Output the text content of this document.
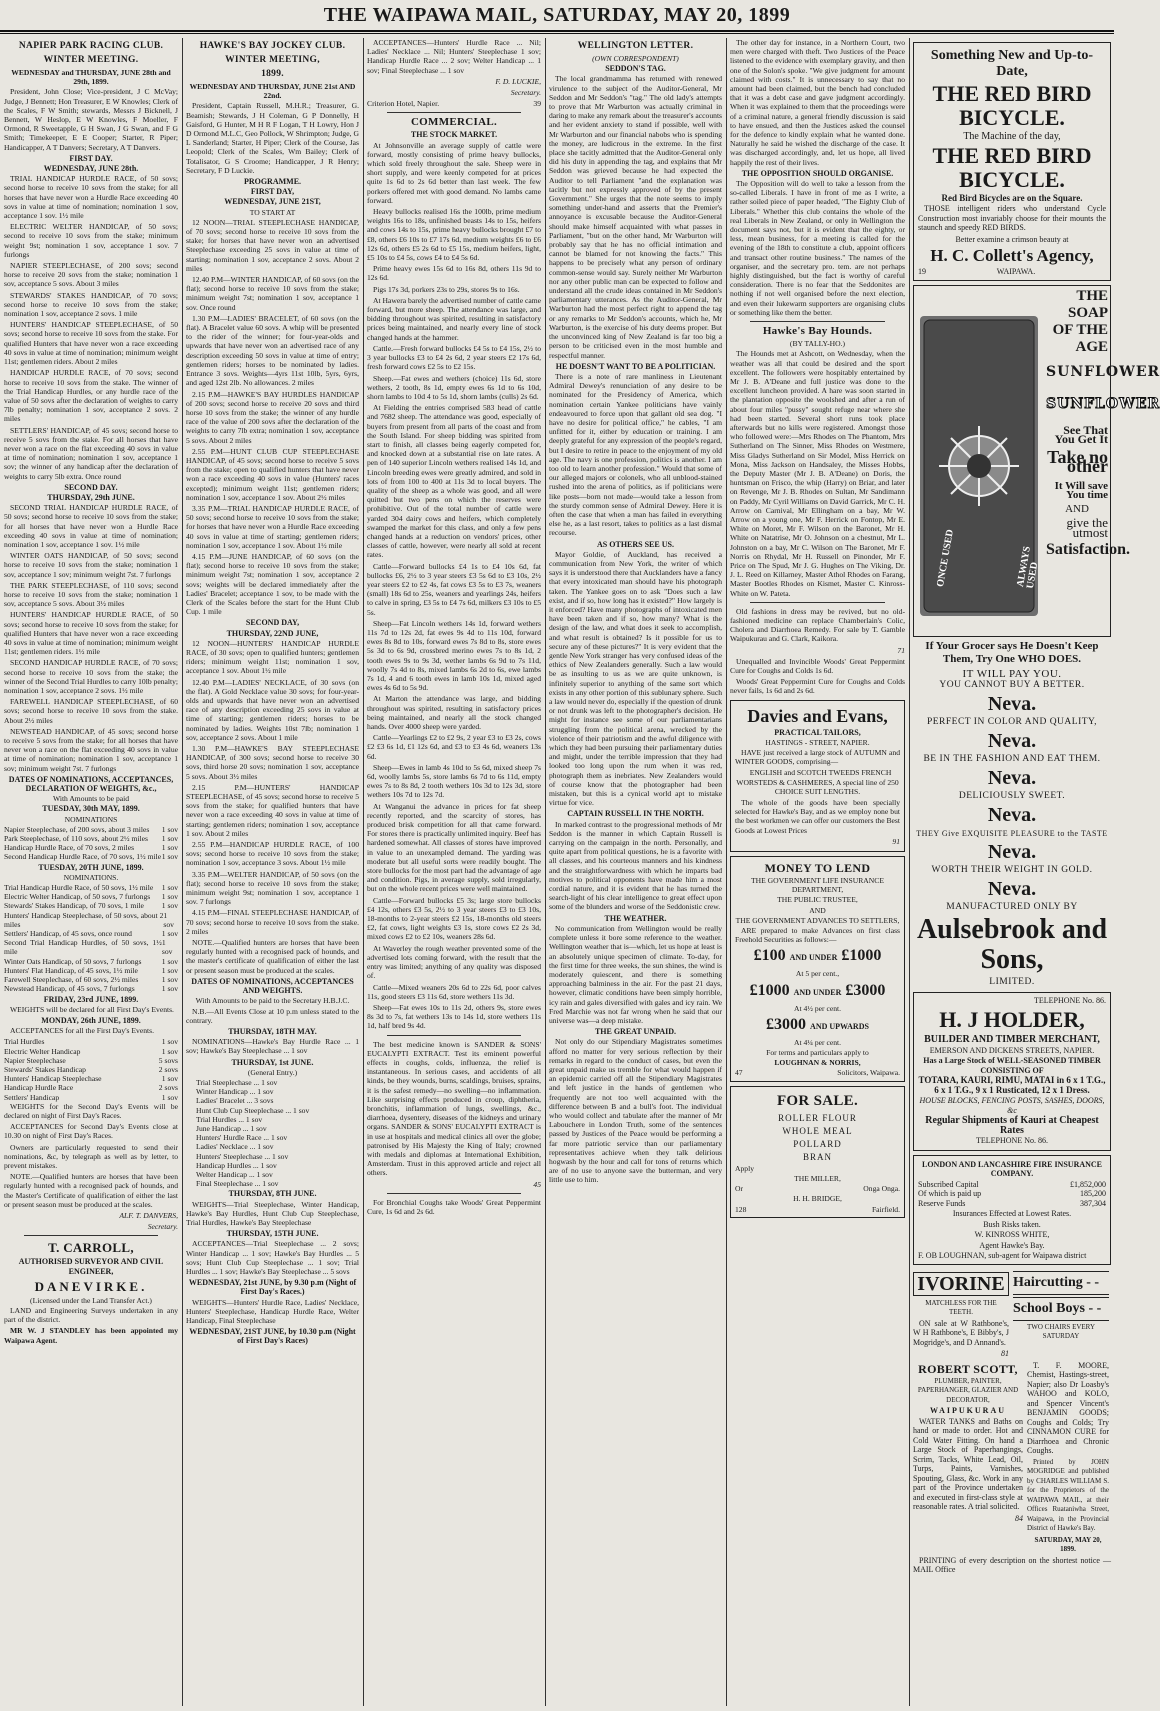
THE WAIPAWA MAIL, SATURDAY, MAY 20, 1899
NAPIER PARK RACING CLUB.
WINTER MEETING.
WEDNESDAY and THURSDAY, JUNE 28th and 29th, 1899.

President, John Close; Vice-president, J C McVay; Judge, J Bennett; Hon Treasurer, E W Knowles; Clerk of the Scales, F W Smith; stewards, Messrs J Bicknell, J Bennett, W Heslop, E W Knowles, F Moeller, F Ormond, R Sweetapple, G H Swan, J G Swan, and F G Smith; Timekeeper, E E Cooper; Starter, R Piper; Handicapper, A T Danvers; Secretary, A T Danvers.

FIRST DAY.
WEDNESDAY, JUNE 28th.

TRIAL HANDICAP HURDLE RACE, of 50 sovs; second horse to receive 10 sovs from the stake; for all horses that have never won a Hurdle Race exceeding 40 sovs in value at time of nomination; nomination 1 sov, acceptance 1 sov. 1½ mile

ELECTRIC WELTER HANDICAP, of 50 sovs; second to receive 10 sovs from the stake; minimum weight 9st; nomination 1 sov, acceptance 1 sov. 7 furlongs

NAPIER STEEPLECHASE, of 200 sovs; second horse to receive 20 sovs from the stake; nomination 1 sov, acceptance 5 sovs. About 3 miles

STEWARDS' STAKES HANDICAP, of 70 sovs; second horse to receive 10 sovs from the stake; nomination 1 sov, acceptance 2 sovs. 1 mile

HUNTERS' HANDICAP STEEPLECHASE, of 50 sovs; second horse to receive 10 sovs from the stake. For qualified Hunters that have never won a race exceeding 40 sovs in value at time of nomination; minimum weight 11st; gentlemen riders. About 2 miles

HANDICAP HURDLE RACE, of 70 sovs; second horse to receive 10 sovs from the stake. The winner of the Trial Handicap Hurdles, or any hurdle race of the value of 50 sovs after the declaration of weights to carry 7lb penalty; nomination 1 sov, acceptance 2 sovs. 2 miles

SETTLERS' HANDICAP, of 45 sovs; second horse to receive 5 sovs from the stake. For all horses that have never won a race on the flat exceeding 40 sovs in value at time of nomination; nomination 1 sov, acceptance 1 sov; the winner of any handicap after the declaration of weights to carry 5lb extra. Once round

SECOND DAY.
THURSDAY, 29th JUNE.

SECOND TRIAL HANDICAP HURDLE RACE, of 50 sovs; second horse to receive 10 sovs from the stake; for all horses that have never won a Hurdle Race exceeding 40 sovs in value at time of nomination; nomination 1 sov, acceptance 1 sov. 1½ mile

WINTER OATS HANDICAP, of 50 sovs; second horse to receive 10 sovs from the stake; nomination 1 sov, acceptance 1 sov; minimum weight 7st. 7 furlongs

THE PARK STEEPLECHASE, of 110 sovs; second horse to receive 10 sovs from the stake; nomination 1 sov, acceptance 5 sovs. About 3½ miles

HUNTERS' HANDICAP HURDLE RACE, of 50 sovs; second horse to receive 10 sovs from the stake; for qualified Hunters that have never won a race exceeding 40 sovs in value at time of nomination; minimum weight 11st; gentlemen riders. 1½ mile

SECOND HANDICAP HURDLE RACE, of 70 sovs; second horse to receive 10 sovs from the stake; the winner of the Second Trial Hurdles to carry 10lb penalty; nomination 1 sov, acceptance 2 sovs. 1½ mile

FAREWELL HANDICAP STEEPLECHASE, of 60 sovs; second horse to receive 10 sovs from the stake. About 2½ miles

NEWSTEAD HANDICAP, of 45 sovs; second horse to receive 5 sovs from the stake; for all horses that have never won a race on the flat exceeding 40 sovs in value at time of nomination; nomination 1 sov, acceptance 1 sov; minimum weight 7st. 7 furlongs

DATES OF NOMINATIONS, ACCEPTANCES, DECLARATION OF WEIGHTS, &c.,
With Amounts to be paid
TUESDAY, 30th MAY, 1899.
NOMINATIONS
Napier Steeplechase, of 200 sovs, about 3 miles 1 sov
Park Steeplechase, of 110 sovs, about 2½ miles 1 sov
Handicap Hurdle Race, of 70 sovs, 2 miles	1 sov
Second Handicap Hurdle Race, of 70 sovs, 1½ mile 1 sov
TUESDAY, 20TH JUNE, 1899.
NOMINATIONS.
Trial Handicap Hurdle Race, of 50 sovs, 1½ mile 1 sov
Electric Welter Handicap, of 50 sovs, 7 furlongs 1 sov
Stewards' Stakes Handicap, of 70 sovs, 1 mile 1 sov
Hunters' Handicap Steeplechase, of 50 sovs, about 2 miles
1 sov
Settlers' Handicap, of 45 sovs, once round	1 sov
Second Trial Handicap Hurdles, of 50 sovs, 1½ mile
1 sov
Winter Oats Handicap, of 50 sovs, 7 furlongs	1 sov
Hunters' Flat Handicap, of 45 sovs, 1½ mile	1 sov
Farewell Steeplechase, of 60 sovs, 2½ miles	1 sov
Newstead Handicap, of 45 sovs, 7 furlongs	1 sov
FRIDAY, 23rd JUNE, 1899.

WEIGHTS will be declared for all First Day's Events.

MONDAY, 26th JUNE, 1899.

ACCEPTANCES for all the First Day's Events.

Trial Hurdles	1 sov
Electric Welter Handicap	1 sov
Napier Steeplechase	5 sovs
Stewards' Stakes Handicap	2 sovs
Hunters' Handicap Steeplechase	1 sov
Handicap Hurdle Race	2 sovs
Settlers' Handicap	1 sov

WEIGHTS for the Second Day's Events will be declared on night of First Day's Races.

ACCEPTANCES for Second Day's Events close at 10.30 on night of First Day's Races.

Owners are particularly requested to send their nominations, &c, by telegraph as well as by letter, to prevent mistakes.

NOTE.—Qualified hunters are horses that have been regularly hunted with a recognised pack of hounds, and the Master's Certificate of qualification of either the last or present season must be produced at the scales.

ALF. T. DANVERS,
Secretary.
T. CARROLL,
AUTHORISED SURVEYOR AND CIVIL ENGINEER,
DANEVIRKE.
(Licensed under the Land Transfer Act.)

LAND and Engineering Surveys undertaken in any part of the district.

MR W. J STANDLEY has been appointed my Waipawa Agent.

HAWKE'S BAY JOCKEY CLUB.
WINTER MEETING,
1899.
WEDNESDAY AND THURSDAY, JUNE 21st AND 22nd.

President, Captain Russell, M.H.R.; Treasurer, G. Beamish; Stewards, J H Coleman, G P Donnelly, H Gaisford, G Hunter, M H R F Logan, T H Lowry, Hon J D Ormond M.L.C, Geo Pollock, W Shrimpton; Judge, G L Sanderland; Starter, H Piper; Clerk of the Course, Jas Leopold; Clerk of the Scales, Wm Bailey; Clerk of Totalisator, G S Croome; Handicapper, J R Henry; Secretary, F D Luckie.

PROGRAMME.
FIRST DAY,
WEDNESDAY, JUNE 21ST,
TO START AT

12 NOON—TRIAL STEEPLECHASE HANDICAP, of 70 sovs; second horse to receive 10 sovs from the stake; for horses that have never won an advertised Steeplechase exceeding 25 sovs in value at time of starting; nomination 1 sov, acceptance 2 sovs. About 2 miles

12.40 P.M—WINTER HANDICAP, of 60 sovs (on the flat); second horse to receive 10 sovs from the stake; minimum weight 7st; nomination 1 sov, acceptance 1 sov. Once round

1.30 P.M—LADIES' BRACELET, of 60 sovs (on the flat). A Bracelet value 60 sovs. A whip will be presented to the rider of the winner; for four-year-olds and upwards that have never won an advertised race of any description exceeding 50 sovs in value at time of entry; gentlemen riders; horses to be nominated by ladies. Entrance 3 sovs. Weights—4yrs 11st 10lb, 5yrs, 6yrs, and aged 12st 2lb. No allowances. 2 miles

2.15 P.M—HAWKE'S BAY HURDLES HANDICAP of 200 sovs; second horse to receive 20 sovs and third horse 10 sovs from the stake; the winner of any hurdle race of the value of 200 sovs after the declaration of the weights to carry 7lb extra; nomination 1 sov, acceptance 5 sovs. About 2 miles

2.55 P.M—HUNT CLUB CUP STEEPLECHASE HANDICAP, of 45 sovs; second horse to receive 5 sovs from the stake; open to qualified hunters that have never won a race exceeding 40 sovs in value (Hunters' races excepted); minimum weight 11st; gentlemen riders; nomination 1 sov, acceptance 1 sov. About 2½ miles

3.35 P.M—TRIAL HANDICAP HURDLE RACE, of 50 sovs; second horse to receive 10 sovs from the stake; for horses that have never won a Hurdle Race exceeding 40 sovs in value at time of starting; gentlemen riders; nomination 1 sov, acceptance 1 sov. About 1½ mile

4.15 P.M—JUNE HANDICAP, of 60 sovs (on the flat); second horse to receive 10 sovs from the stake; minimum weight 7st; nomination 1 sov, acceptance 2 sovs; weights will be declared immediately after the Ladies' Bracelet; acceptance 1 sov, to be made with the Clerk of the Scales before the start for the Hunt Club Cup. 1 mile

SECOND DAY,
THURSDAY, 22ND JUNE,

12 NOON—HUNTERS' HANDICAP HURDLE RACE, of 30 sovs; open to qualified hunters; gentlemen riders; minimum weight 11st; nomination 1 sov, acceptance 1 sov. About 1½ mile

12.40 P.M—LADIES' NECKLACE, of 30 sovs (on the flat). A Gold Necklace value 30 sovs; for four-year-olds and upwards that have never won an advertised race of any description exceeding 25 sovs in value at time of starting; gentlemen riders; horses to be nominated by ladies. Weights 10st 7lb; nomination 1 sov, acceptance 2 sovs. About 1 mile

1.30 P.M—HAWKE'S BAY STEEPLECHASE HANDICAP, of 300 sovs; second horse to receive 30 sovs, third horse 20 sovs; nomination 1 sov, acceptance 5 sovs. About 3½ miles

2.15 P.M—HUNTERS' HANDICAP STEEPLECHASE, of 45 sovs; second horse to receive 5 sovs from the stake; for qualified hunters that have never won a race exceeding 40 sovs in value at time of starting; gentlemen riders; nomination 1 sov, acceptance 1 sov. About 2 miles

2.55 P.M—HANDICAP HURDLE RACE, of 100 sovs; second horse to receive 10 sovs from the stake; nomination 1 sov, acceptance 3 sovs. About 1½ mile

3.35 P.M—WELTER HANDICAP, of 50 sovs (on the flat); second horse to receive 10 sovs from the stake; minimum weight 9st; nomination 1 sov, acceptance 1 sov. 7 furlongs

4.15 P.M—FINAL STEEPLECHASE HANDICAP, of 70 sovs; second horse to receive 10 sovs from the stake. 2 miles

NOTE.—Qualified hunters are horses that have been regularly hunted with a recognised pack of hounds, and the master's certificate of qualification of either the last or present season must be produced at the scales.

DATES OF NOMINATIONS, ACCEPTANCES AND WEIGHTS.
With Amounts to be paid to the Secretary H.B.J.C.

N.B.—All Events Close at 10 p.m unless stated to the contrary.

THURSDAY, 18TH MAY.

NOMINATIONS—Hawke's Bay Hurdle Race ... 1 sov; Hawke's Bay Steeplechase ... 1 sov

THURSDAY, 1st JUNE.
(General Entry.)
Trial Steeplechase ... 1 sov
Winter Handicap ... 1 sov
Ladies' Bracelet ... 3 sovs
Hunt Club Cup Steeplechase ... 1 sov
Trial Hurdles ... 1 sov
June Handicap ... 1 sov
Hunters' Hurdle Race ... 1 sov
Ladies' Necklace ... 1 sov
Hunters' Steeplechase ... 1 sov
Handicap Hurdles ... 1 sov
Welter Handicap ... 1 sov
Final Steeplechase ... 1 sov
THURSDAY, 8TH JUNE.

WEIGHTS—Trial Steeplechase, Winter Handicap, Hawke's Bay Hurdles, Hunt Club Cup Steeplechase, Trial Hurdles, Hawke's Bay Steeplechase

THURSDAY, 15TH JUNE.

ACCEPTANCES—Trial Steeplechase ... 2 sovs; Winter Handicap ... 1 sov; Hawke's Bay Hurdles ... 5 sovs; Hunt Club Cup Steeplechase ... 1 sov; Trial Hurdles ... 1 sov; Hawke's Bay Steeplechase ... 5 sovs

WEDNESDAY, 21st JUNE, by 9.30 p.m (Night of First Day's Races.)

WEIGHTS—Hunters' Hurdle Race, Ladies' Necklace, Hunters' Steeplechase, Handicap Hurdle Race, Welter Handicap, Final Steeplechase

WEDNESDAY, 21ST JUNE, by 10.30 p.m (Night of First Day's Races)

ACCEPTANCES—Hunters' Hurdle Race ... Nil; Ladies' Necklace ... Nil; Hunters' Steeplechase 1 sov; Handicap Hurdle Race ... 2 sov; Welter Handicap ... 1 sov; Final Steeplechase ... 1 sov

F. D. LUCKIE,
Secretary.
Criterion Hotel, Napier.	39
COMMERCIAL.
THE STOCK MARKET.

At Johnsonville an average supply of cattle were forward, mostly consisting of prime heavy bullocks, which sold freely throughout the sale. Sheep were in short supply, and were keenly competed for at prices quite 1s 6d to 2s 6d better than last week. The few porkers offered met with good demand. No lambs came forward.

Heavy bullocks realised 16s the 100lb, prime medium weights 16s to 18s, unfinished beasts 14s to 15s, heifers and cows 14s to 15s, prime heavy bullocks brought £7 to £8, others £6 10s to £7 17s 6d, medium weights £6 to £6 12s 6d, others £5 2s 6d to £5 15s, medium heifers, light, £5 10s to £4 5s, cows £4 to £4 5s 6d.

Prime heavy ewes 15s 6d to 16s 8d, others 11s 9d to 12s 6d.

Pigs 17s 3d, porkers 23s to 29s, stores 9s to 16s.

At Hawera barely the advertised number of cattle came forward, but more sheep. The attendance was large, and bidding throughout was spirited, resulting in satisfactory prices being maintained, and nearly every line of stock changed hands at the hammer.

Cattle.—Fresh forward bullocks £4 5s to £4 15s, 2½ to 3 year bullocks £3 to £4 2s 6d, 2 year steers £2 17s 6d, fresh forward cows £2 5s to £2 15s.

Sheep.—Fat ewes and wethers (choice) 11s 6d, store wethers, 2 tooth, 8s 1d, empty ewes 6s 1d to 6s 10d, shorn lambs to 10d 4 to 5s 1d, shorn lambs (culls) 2s 6d.

At Fielding the entries comprised 583 head of cattle and 7682 sheep. The attendance was good, especially of buyers from present from all parts of the coast and from the South Island. For sheep bidding was spirited from start to finish, all classes being eagerly competed for, and knocked down at a substantial rise on late rates. A pen of 140 superior Lincoln wethers realised 14s 1d, and Lincoln breeding ewes were greatly admired, and sold in lots of from 100 to 400 at 11s 3d to local buyers. The quality of the sheep as a whole was good, and all were quitted but two pens on which the reserves were prohibitive. Out of the total number of cattle were yarded 304 dairy cows and heifers, which completely swamped the market for this class, and only a few pens changed hands at a reduction on vendors' prices, other classes of cattle, however, were nearly all sold at recent rates.

Cattle—Forward bullocks £4 1s to £4 10s 6d, fat bullocks £6, 2½ to 3 year steers £3 5s 6d to £3 10s, 2½ year steers £2 to £2 4s, fat cows £3 5s to £3 7s, weaners (small) 18s 6d to 25s, weaners and yearlings 24s, heifers to calve in spring, £3 5s to £4 7s 6d, milkers £3 10s to £5 5s.

Sheep—Fat Lincoln wethers 14s 1d, forward wethers 11s 7d to 12s 2d, fat ewes 9s 4d to 11s 10d, forward ewes 8s 8d to 10s, forward ewes 7s 8d to 8s, store ewes 5s 3d to 6s 9d, crossbred merino ewes 7s to 8s 1d, 2 tooth ewes 9s to 9s 3d, wether lambs 6s 9d to 7s 11d, woolly 7s 4d to 8s, mixed lambs 6s 2d to 6s, ewe lambs 7s 1d, 4 and 6 tooth ewes in lamb 10s 1d, mixed aged ewes 4s 6d to 5s 9d.

At Marton the attendance was large, and bidding throughout was spirited, resulting in satisfactory prices being maintained, and nearly all the stock changed hands. Over 4000 sheep were yarded.

Cattle—Yearlings £2 to £2 9s, 2 year £3 to £3 2s, cows £2 £3 6s 1d, £1 12s 6d, and £3 to £3 4s 6d, weaners 13s 6d.

Sheep—Ewes in lamb 4s 10d to 5s 6d, mixed sheep 7s 6d, woolly lambs 5s, store lambs 6s 7d to 6s 11d, empty ewes 7s to 8s 8d, 2 tooth wethers 10s 3d to 12s 3d, store wethers 10s 7d to 12s 7d.

At Wanganui the advance in prices for fat sheep recently reported, and the scarcity of stores, has produced brisk competition for all that came forward. For stores there is practically unlimited inquiry. Beef has hardened somewhat. All classes of stores have improved in value to an unexampled demand. The yarding was moderate but all useful sorts were readily bought. The store bullocks for the most part had the advantage of age and condition. Pigs, in average supply, sold irregularly, but on the whole recent prices were well maintained.

Cattle—Forward bullocks £5 3s; large store bullocks £4 12s, others £3 5s, 2½ to 3 year steers £3 to £3 10s, 18-months to 2-year steers £2 15s, 18-months old steers £2, fat cows, light weights £3 1s, store cows £2 2s 3d, mixed cows £2 to £2 10s, weaners 28s 6d.

At Waverley the rough weather prevented some of the advertised lots coming forward, with the result that the entry was limited; anything of any quality was disposed of.

Cattle—Mixed weaners 20s 6d to 22s 6d, poor calves 11s, good steers £3 11s 6d, store wethers 11s 3d.

Sheep—Fat ewes 10s to 11s 2d, others 9s, store ewes 8s 3d to 7s, fat wethers 13s to 14s 1d, store wethers 11s 1d, half bred 9s 4d.

The best medicine known is SANDER & SONS' EUCALYPTI EXTRACT. Test its eminent powerful effects in coughs, colds, influenza, the relief is instantaneous. In serious cases, and accidents of all kinds, be they wounds, burns, scaldings, bruises, sprains, it is the safest remedy—no swelling—no inflammation. Like surprising effects produced in croup, diphtheria, bronchitis, inflammation of lungs, swellings, &c., diarrhoea, dysentery, diseases of the kidneys and urinary organs. SANDER & SONS' EUCALYPTI EXTRACT is in use at hospitals and medical clinics all over the globe; patronised by His Majesty the King of Italy; crowned with medals and diplomas at International Exhibition, Amsterdam. Trust in this approved article and reject all others.

45

For Bronchial Coughs take Woods' Great Peppermint Cure, 1s 6d and 2s 6d.

WELLINGTON LETTER.
(OWN CORRESPONDENT)
SEDDON'S TAG.

The local grandmamma has returned with renewed virulence to the subject of the Auditor-General, Mr Seddon and Mr Seddon's "tag." The old lady's attempts to prove that Mr Warburton was actually criminal in daring to make any remark about the treasurer's accounts and her evident anxiety to stand if possible, well with Mr Warburton and our financial nabobs who is spending the money, are ludicrous in the extreme. In the first place she tacitly admitted that the Auditor-General only did his duty in appending the tag, and explains that Mr Seddon was grieved because he had expected the Auditor to tell Parliament "and the explanation was tacitly but not expressly approved of by the present Government." She urges that the note seems to imply something under-hand and asserts that the Premier's annoyance is excusable because the Auditor-General should make himself acquainted with what passes in Parliament, "but on the other hand, Mr Warburton will probably say that he has no official intimation and cannot be blamed for not knowing the facts." This happens to be precisely what any person of ordinary common-sense would say. Surely neither Mr Warburton nor any other public man can be expected to follow and understand all the crude ideas contained in Mr Seddon's parliamentary utterances. As the Auditor-General, Mr Warburton had the most perfect right to append the tag or any remarks to Mr Seddon's accounts, which he, Mr Warburton, is the exercise of his duty deems proper. But the unconvinced king of New Zealand is far too big a person to be criticised even in the most humble and respectful manner.

HE DOESN'T WANT TO BE A POLITICIAN.

There is a note of rare manliness in Lieutenant Admiral Dewey's renunciation of any desire to be nominated for the Presidency of America, which nomination certain Yankee politicians have vainly endeavoured to force upon that gallant old sea dog. "I have no desire for political office," he cables, "I am unfitted for it, either by education or training. I am deeply grateful for any expression of the people's regard, but I desire to retire in peace to the enjoyment of my old age. The navy is one profession, politics is another. I am too old to learn another profession." Would that some of our alleged majors or colonels, who all unblood-stained rushed into the arena of politics, as if politicians were like posts—born not made—would take a lesson from the sturdy common sense of Admiral Dewey. Here it is often the case that when a man has failed in everything else he, as a last resort, takes to politics as a last dismal recourse.

AS OTHERS SEE US.

Mayor Goldie, of Auckland, has received a communication from New York, the writer of which says it is understood there that Aucklanders have a fancy that every intoxicated man should have his photograph taken. The Yankee goes on to ask "Does such a law exist, and if so, how long has it existed?" How largely is it enforced? Have many photographs of intoxicated men have been taken and if so, how many? What is the design of the law, and what does it seek to accomplish, and what result is obtained? Is it possible for us to secure any of these pictures?" It is very evident that the gentle New York stranger has very confused ideas of the ethics of New Zealanders generally. Such a law would be as insulting to us as we are quite unknown, is infinitely superior to anything of the same sort which exists in any other portion of this sublunary sphere. Such a law would never do, especially if the question of drunk or not drunk was left to the photographer's decision. He might for instance see some of our parliamentarians struggling from the political arena, wrecked by the violence of their patriotism and the awful diligence with which they had been pursuing their parliamentary duties and might, under the terrible impression that they had looked too long upon the rum when it was red, photograph them as inebriates. New Zealanders would of course know that the photographer had been mistaken, but this is a cynical world apt to mistake virtue for vice.

CAPTAIN RUSSELL IN THE NORTH.

In marked contrast to the progressional methods of Mr Seddon is the manner in which Captain Russell is carrying on the campaign in the north. Personally, and quite apart from political questions, he is a favorite with all classes, and his courteous manners and his kindness and the straightforwardness with which he imparts bad motives to political opponents have made him a most cordial nature, and it is evident that he has turned the search-light of his clear intelligence to great effect upon some of the blunders and worse of the Seddonistic crew.

THE WEATHER.

No communication from Wellington would be really complete unless it bore some reference to the weather. Wellington weather that is—which, let us hope at least is an absolutely unique specimen of climate. To-day, for the first time for three weeks, the sun shines, the wind is moderately quiescent, and there is something approaching balminess in the air. For the past 21 days, however, climatic conditions have been simply horrible, icy rain and gales diversified with gales and icy rain. We Fred Marchie was not far wrong when he said that our universe was—a deep mistake.

THE GREAT UNPAID.

Not only do our Stipendiary Magistrates sometimes afford no matter for very serious reflection by their remarks in regard to the conduct of cases, but even the great unpaid make us tremble for what would happen if an epidemic carried off all the Stipendiary Magistrates and left justice in the hands of gentlemen who frequently are not too well acquainted with the difference between B and a bull's foot. The individual who would collect and tabulate after the manner of Mr Labouchere in London Truth, some of the sentences passed by Justices of the Peace would be performing a far more patriotic service than our parliamentary representatives achieve when they talk delirious hogwash by the hour and call for tons of returns which are of no use to anyone save the butterman, and very little use to him.

The other day for instance, in a Northern Court, two men were charged with theft. Two Justices of the Peace listened to the evidence with exemplary gravity, and then one of the Solon's spoke. "We give judgment for amount claimed with costs." It is unnecessary to say that no amount had been claimed, but the bench had concluded that it was a debt case and gave judgment accordingly. When it was explained to them that the proceedings were of a criminal nature, a general friendly discussion is said to have ensued, and then the Justices asked the counsel for the defence to kindly explain what he wanted done. Naturally he said he wished the discharge of the case. It was discharged accordingly, and, let us hope, all lived happily the rest of their lives.

THE OPPOSITION SHOULD ORGANISE.

The Opposition will do well to take a lesson from the so-called Liberals. I have in front of me as I write, a rather soiled piece of paper headed, "The Eighty Club of Liberals." Whether this club contains the whole of the real Liberals in New Zealand, or only in Wellington the document says not, but it is evident that the eighty, or less, mean business, for a meeting is called for the evening of the 18th to constitute a club, appoint officers and transact other routine business." The names of the organiser, and the secretary pro. tem. are not perhaps highly distinguished, but the fact is worthy of careful consideration. There is no fear that the Seddonites are nothing if not well organised before the next election, and even their lukewarm supporters are organising clubs or something like them the better.

Hawke's Bay Hounds.
(BY TALLY-HO.)

The Hounds met at Ashcott, on Wednesday, when the weather was all that could be desired and the sport excellent. The followers were hospitably entertained by Mr J. B. A'Deane and full justice was done to the excellent luncheon provided. A hare was soon started in the plantation opposite the woolshed and after a run of about four miles "pussy" sought refuge near where she had been started. Several short runs took place afterwards but no kills were registered. Amongst those who followed were:—Mrs Rhodes on The Phantom, Mrs Sutherland on The Sinner, Miss Rhodes on Westmere, Miss Gladys Sutherland on Sir Model, Miss Herrick on Mona, Miss Jackson on Handsaley, the Misses Hobbs, the Deputy Master (Mr J. B. A'Deane) on Doris, the huntsman on Frisco, the whip (Harry) on Briar, and later on Revenge, Mr J. B. Rhodes on Sultan, Mr Sandimann on Paddy, Mr Cyril Williams on David Garrick, Mr C. H. Arrow on Carnival, Mr Ellingham on a bay, Mr W. Arrow on a young one, Mr F. Herrick on Fontop, Mr E. White on Moret, Mr F. Wilson on the Baronet, Mr H. White on Natatrise, Mr O. Johnson on a chestnut, Mr L. Johnston on a bay, Mr C. Wilson on The Baronet, Mr F. Norris on Rhydal, Mr H. Russell on Pinonder, Mr F. Price on The Spud, Mr J. G. Hughes on The Viking, Dr. J. L. Reed on Killarney, Master Athol Rhodes on Farang, Master Bootles Rhodes on Kismet, Master C. Kinross-White on W. Pateta.

Old fashions in dress may be revived, but no old-fashioned medicine can replace Chamberlain's Colic, Cholera and Diarrhoea Remedy. For sale by T. Gamble Waipukurau and G. Clark, Kaikora.

71

Unequalled and Invincible Woods' Great Peppermint Cure for Coughs and Colds 1s 6d.

Woods' Great Peppermint Cure for Coughs and Colds never fails, 1s 6d and 2s 6d.

Davies and Evans,
PRACTICAL TAILORS,
HASTINGS - STREET, NAPIER.

HAVE just received a large stock of AUTUMN and WINTER GOODS, comprising—

ENGLISH and SCOTCH TWEEDS FRENCH WORSTEDS & CASHMERES, A special line of 250 CHOICE SUIT LENGTHS.

The whole of the goods have been specially selected for Hawke's Bay, and as we employ none but the best workmen we can offer our customers the Best Goods at Lowest Prices

91
MONEY TO LEND
THE GOVERNMENT LIFE INSURANCE DEPARTMENT,
THE PUBLIC TRUSTEE,
AND
THE GOVERNMENT ADVANCES TO SETTLERS,

ARE prepared to make Advances on first class Freehold Securities as follows:—

£100 AND UNDER £1000
At 5 per cent.,
£1000 AND UNDER £3000
At 4½ per cent.
£3000 AND UPWARDS
At 4¼ per cent.
For terms and particulars apply to
LOUGHNAN & NORRIS,
47	Solicitors, Waipawa.
FOR SALE.
ROLLER FLOUR
WHOLE MEAL
POLLARD
BRAN
Apply
THE MILLER,
Or	Onga Onga.
H. H. BRIDGE,
128	Fairfield.
Something New and Up-to-Date,
THE RED BIRD BICYCLE.
The Machine of the day,
THE RED BIRD BICYCLE.
Red Bird Bicycles are on the Square.

THOSE intelligent riders who understand Cycle Construction most invariably choose for their mounts the staunch and speedy RED BIRDS.

Better examine a crimson beauty at
H. C. Collett's Agency,
19	WAIPAWA.
ONCE USED	ALWAYS USED
THE
SOAP OF THE AGE
SUNFLOWER
SUNFLOWER
See That You Get It
Take no other
It Will save You time
AND
give the utmost
Satisfaction.
If Your Grocer says He Doesn't Keep Them, Try One WHO DOES.
IT WILL PAY YOU.
YOU CANNOT BUY A BETTER.
Neva.
PERFECT IN COLOR AND QUALITY,
Neva.
BE IN THE FASHION AND EAT THEM.
Neva.
DELICIOUSLY SWEET.
Neva.
THEY Give EXQUISITE PLEASURE to the TASTE
Neva.
WORTH THEIR WEIGHT IN GOLD.
Neva.
MANUFACTURED ONLY BY
Aulsebrook and Sons,
LIMITED.
TELEPHONE No. 86.
H. J HOLDER,
BUILDER AND TIMBER MERCHANT,
EMERSON AND DICKENS STREETS, NAPIER.
Has a Large Stock of WELL-SEASONED TIMBER CONSISTING OF
TOTARA, KAURI, RIMU, MATAI in 6 x 1 T.G., 6 x 1 T.G., 9 x 1 Rusticated, 12 x 1 Dress.
HOUSE BLOCKS, FENCING POSTS, SASHES, DOORS, &c
Regular Shipments of Kauri at Cheapest Rates
TELEPHONE No. 86.
LONDON AND LANCASHIRE FIRE INSURANCE COMPANY.
Subscribed Capital	£1,852,000
Of which is paid up	185,200
Reserve Funds	387,304
Insurances Effected at Lowest Rates.
Bush Risks taken.
W. KINROSS WHITE,
Agent Hawke's Bay.
F. OB LOUGHNAN, sub-agent for Waipawa district
IVORINE
MATCHLESS FOR THE TEETH.

ON sale at W Rathbone's, W H Rathbone's, E Bibby's, J Mogridge's, and D Annand's.

81
Haircutting - -
School Boys - -
TWO CHAIRS EVERY SATURDAY
ROBERT SCOTT,
PLUMBER, PAINTER, PAPERHANGER, GLAZIER AND DECORATOR,
WAIPUKURAU

WATER TANKS and Baths on hand or made to order. Hot and Cold Water Fitting. On hand a Large Stock of Paperhangings, Scrim, Tacks, White Lead, Oil, Turps, Paints, Varnishes, Spouting, Glass, &c. Work in any part of the Province undertaken and executed in first-class style at reasonable rates. A trial solicited.

84

T. F. MOORE, Chemist, Hastings-street, Napier; also Dr Loasby's WAHOO and KOLO, and Spencer Vincent's BENJAMIN GOODS; Coughs and Colds; Try CINNAMON CURE for Diarrhoea and Chronic Coughs.

Printed by JOHN MOGRIDGE and published by CHARLES WILLIAM S. for the Proprietors of the WAIPAWA MAIL, at their Offices Ruataniwha Street, Waipawa, in the Provincial District of Hawke's Bay.

SATURDAY, MAY 20, 1899.

PRINTING of every description on the shortest notice — MAIL Office
